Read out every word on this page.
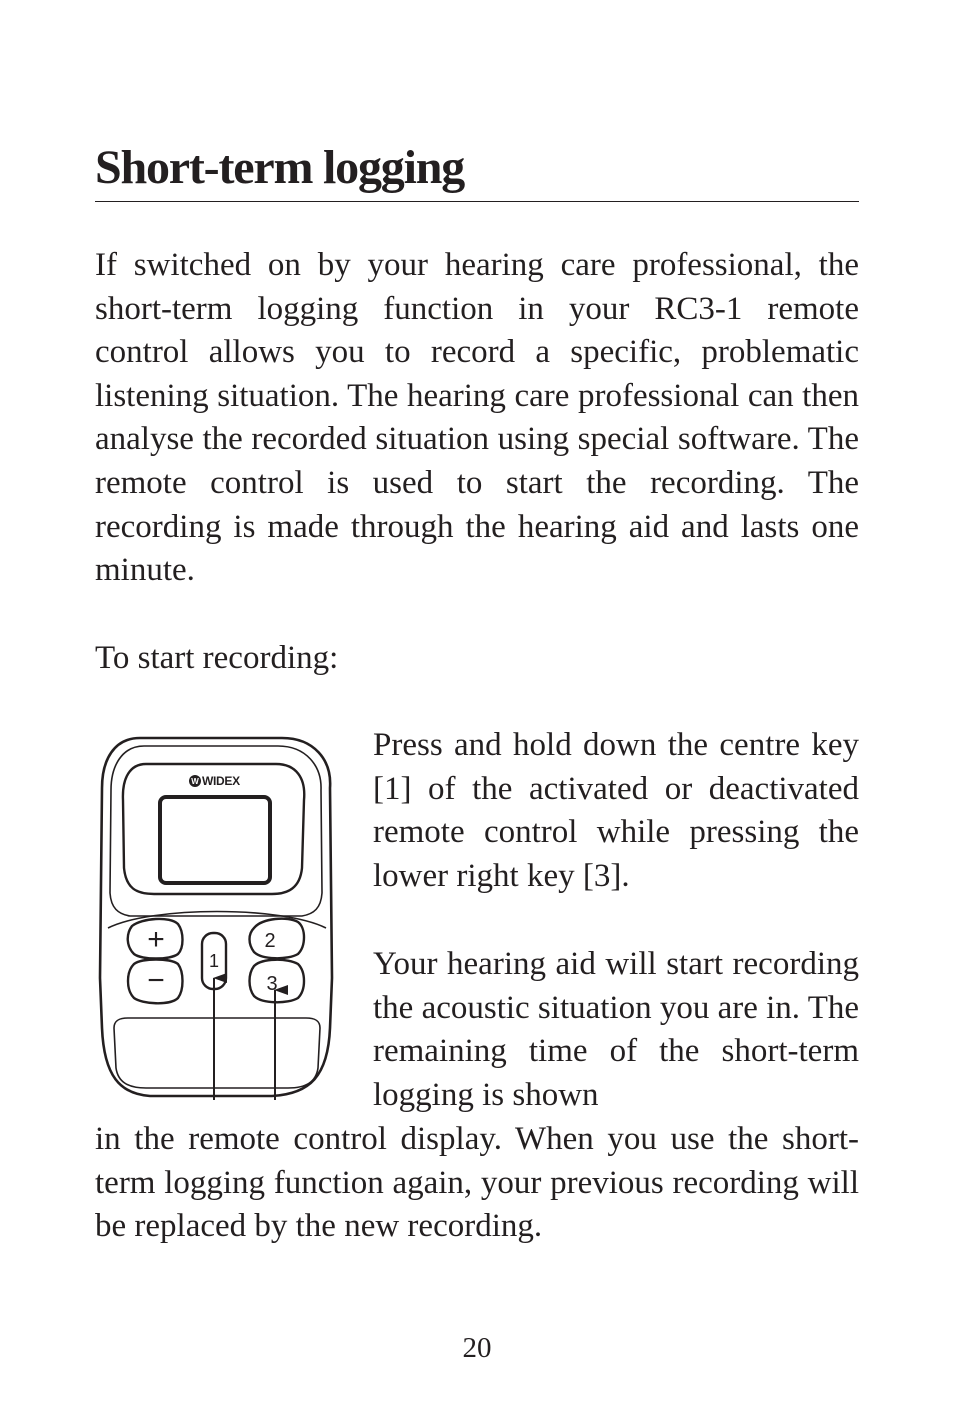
Short-term logging

If switched on by your hearing care professional, the short-term logging function in your RC3-1 remote control allows you to record a specific, problematic listening situation. The hearing care professional can then analyse the recorded situation using special software. The remote control is used to start the recording. The recording is made through the hearing aid and lasts one minute.

To start recording:

W WIDEX
+
−
1
2
3

Press and hold down the centre key [1] of the activated or deactivated remote control while pressing the lower right key [3].

Your hearing aid will start recording the acoustic situation you are in. The remaining time of the short-term logging is shown

in the remote control display. When you use the short-term logging function again, your previous recording will be replaced by the new recording.

20
